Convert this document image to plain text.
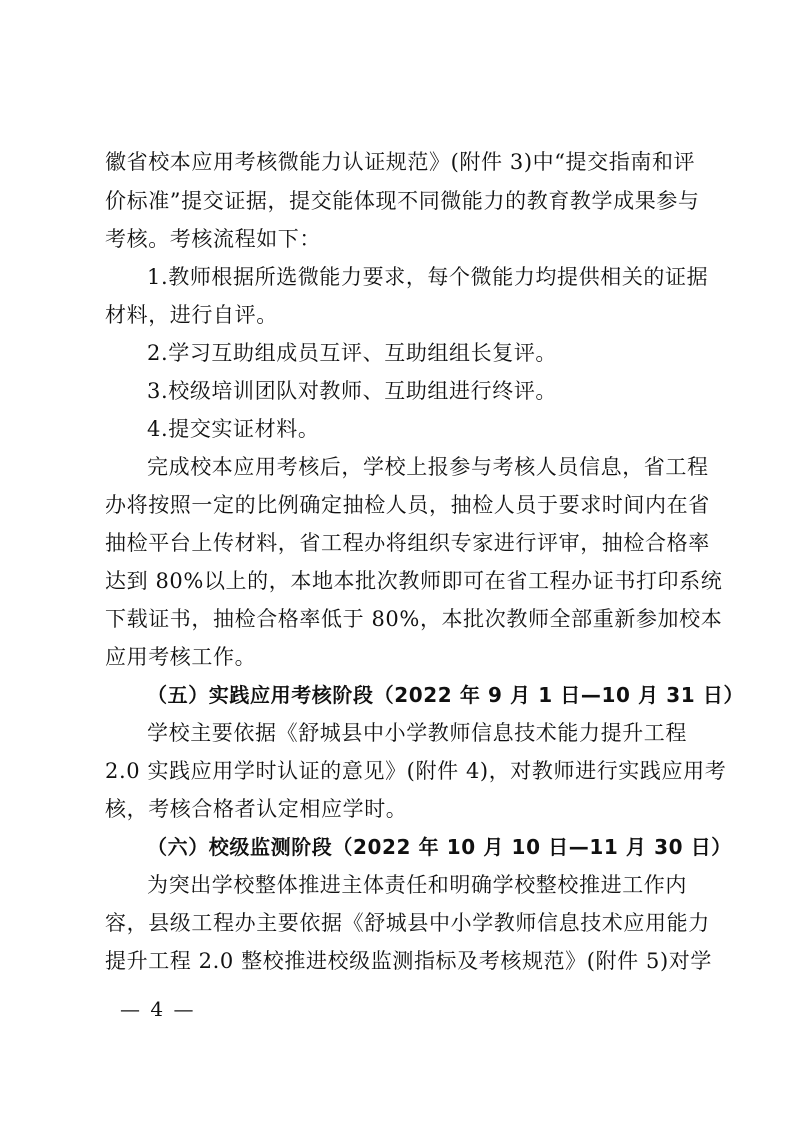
徽省校本应用考核微能力认证规范》(附件 3)中“提交指南和评
价标准”提交证据，提交能体现不同微能力的教育教学成果参与
考核。考核流程如下：
1.教师根据所选微能力要求，每个微能力均提供相关的证据
材料，进行自评。
2.学习互助组成员互评、互助组组长复评。
3.校级培训团队对教师、互助组进行终评。
4.提交实证材料。
完成校本应用考核后，学校上报参与考核人员信息，省工程
办将按照一定的比例确定抽检人员，抽检人员于要求时间内在省
抽检平台上传材料，省工程办将组织专家进行评审，抽检合格率
达到 80%以上的，本地本批次教师即可在省工程办证书打印系统
下载证书，抽检合格率低于 80%，本批次教师全部重新参加校本
应用考核工作。
（五）实践应用考核阶段（2022 年 9 月 1 日—10 月 31 日）
学校主要依据《舒城县中小学教师信息技术能力提升工程
2.0 实践应用学时认证的意见》(附件 4)，对教师进行实践应用考
核，考核合格者认定相应学时。
（六）校级监测阶段（2022 年 10 月 10 日—11 月 30 日）
为突出学校整体推进主体责任和明确学校整校推进工作内
容，县级工程办主要依据《舒城县中小学教师信息技术应用能力
提升工程 2.0 整校推进校级监测指标及考核规范》(附件 5)对学
— 4 —
